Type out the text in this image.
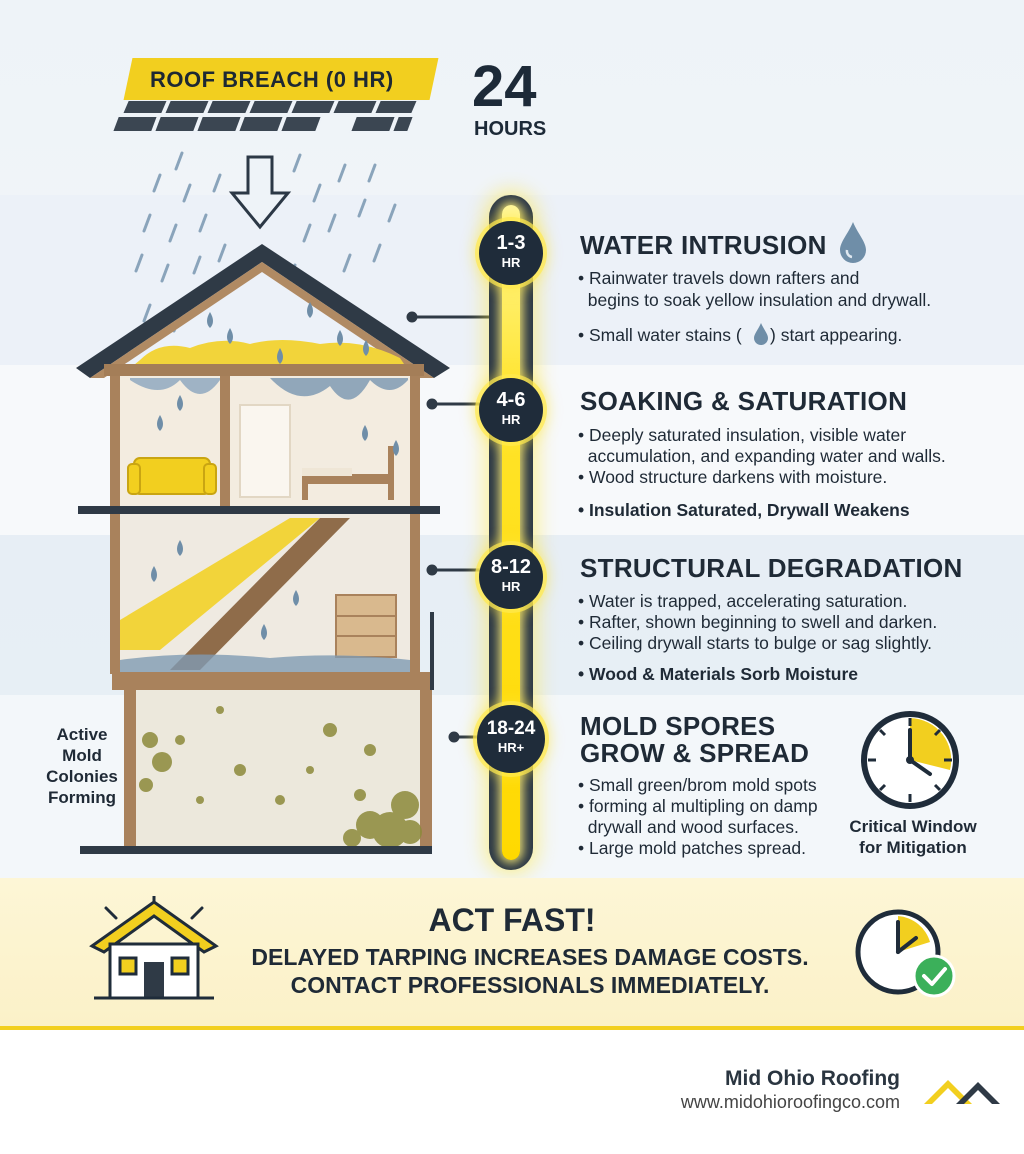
ROOF BREACH (0 HR) 24
HOURS
1-3
HR
4-6
HR
8-12
HR
18-24
HR+
WATER INTRUSION
• Rainwater travels down rafters and
begins to soak yellow insulation and drywall.
• Small water stains ( ) start appearing.
SOAKING & SATURATION
• Deeply saturated insulation, visible water
accumulation, and expanding water and walls.
• Wood structure darkens with moisture.
• Insulation Saturated, Drywall Weakens
STRUCTURAL DEGRADATION
• Water is trapped, accelerating saturation.
• Rafter, shown beginning to swell and darken.
• Ceiling drywall starts to bulge or sag slightly.
• Wood & Materials Sorb Moisture
MOLD SPORES
GROW & SPREAD
• Small green/brom mold spots
• forming al multipling on damp
drywall and wood surfaces.
• Large mold patches spread.
Critical Window
for Mitigation
Active
Mold
Colonies
Forming
ACT FAST!
DELAYED TARPING INCREASES DAMAGE COSTS.
CONTACT PROFESSIONALS IMMEDIATELY.
Mid Ohio Roofing
www.midohioroofingco.com
